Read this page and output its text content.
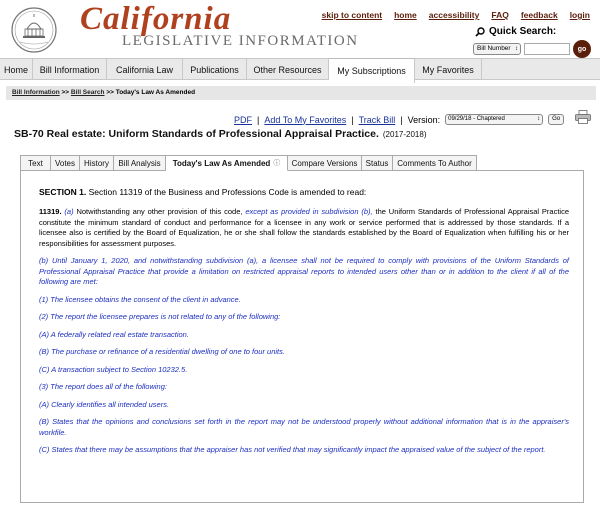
California
LEGISLATIVE INFORMATION
skip to content home accessibility FAQ feedback login
Quick Search:
Bill Number ↕	go
Home	Bill Information	California Law	Publications	Other Resources	My Subscriptions	My Favorites
Bill Information >> Bill Search >> Today's Law As Amended
PDF | Add To My Favorites | Track Bill | Version:	09/29/18 - Chaptered ↕	Go
SB-70 Real estate: Uniform Standards of Professional Appraisal Practice. (2017-2018)
Text	Votes	History	Bill Analysis	Today's Law As Amended ⓘ	Compare Versions	Status	Comments To Author
SECTION 1. Section 11319 of the Business and Professions Code is amended to read:
11319. (a) Notwithstanding any other provision of this code, except as provided in subdivision (b), the Uniform Standards of Professional Appraisal Practice constitute the minimum standard of conduct and performance for a licensee in any work or service performed that is addressed by those standards. If a licensee also is certified by the Board of Equalization, he or she shall follow the standards established by the Board of Equalization when fulfilling his or her responsibilities for assessment purposes.
(b) Until January 1, 2020, and notwithstanding subdivision (a), a licensee shall not be required to comply with provisions of the Uniform Standards of Professional Appraisal Practice that provide a limitation on restricted appraisal reports to intended users other than or in addition to the client if all of the following are met:
(1) The licensee obtains the consent of the client in advance.
(2) The report the licensee prepares is not related to any of the following:
(A) A federally related real estate transaction.
(B) The purchase or refinance of a residential dwelling of one to four units.
(C) A transaction subject to Section 10232.5.
(3) The report does all of the following:
(A) Clearly identifies all intended users.
(B) States that the opinions and conclusions set forth in the report may not be understood properly without additional information that is in the appraiser's workfile.
(C) States that there may be assumptions that the appraiser has not verified that may significantly impact the appraised value of the subject of the report.
